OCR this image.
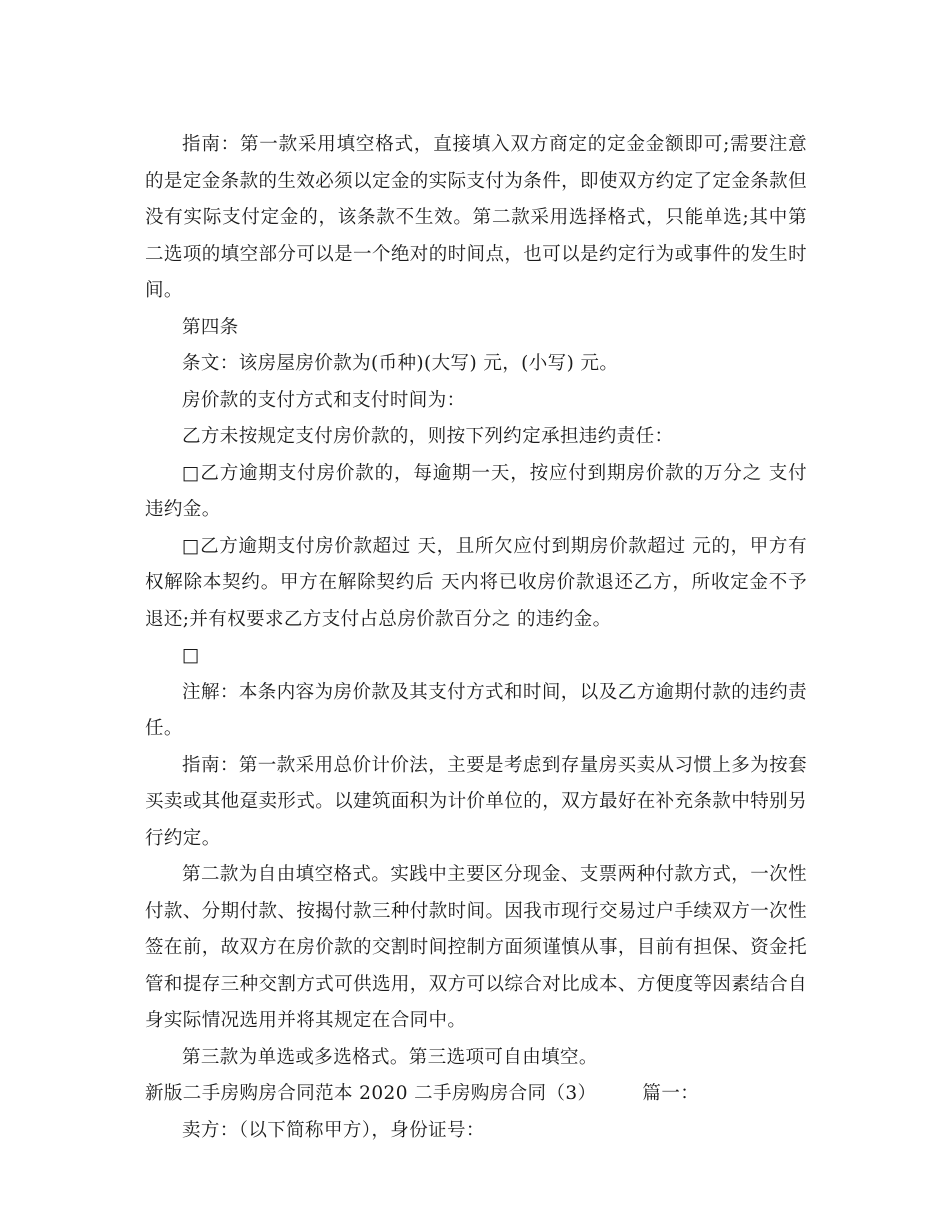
指南：第一款采用填空格式，直接填入双方商定的定金金额即可;需要注意的是定金条款的生效必须以定金的实际支付为条件，即使双方约定了定金条款但没有实际支付定金的，该条款不生效。第二款采用选择格式，只能单选;其中第二选项的填空部分可以是一个绝对的时间点，也可以是约定行为或事件的发生时间。

第四条

条文：该房屋房价款为(币种)(大写) 元，(小写) 元。

房价款的支付方式和支付时间为：

乙方未按规定支付房价款的，则按下列约定承担违约责任：

□乙方逾期支付房价款的，每逾期一天，按应付到期房价款的万分之 支付违约金。

□乙方逾期支付房价款超过 天，且所欠应付到期房价款超过 元的，甲方有权解除本契约。甲方在解除契约后 天内将已收房价款退还乙方，所收定金不予退还;并有权要求乙方支付占总房价款百分之 的违约金。

□

注解：本条内容为房价款及其支付方式和时间，以及乙方逾期付款的违约责任。

指南：第一款采用总价计价法，主要是考虑到存量房买卖从习惯上多为按套买卖或其他趸卖形式。以建筑面积为计价单位的，双方最好在补充条款中特别另行约定。

第二款为自由填空格式。实践中主要区分现金、支票两种付款方式，一次性付款、分期付款、按揭付款三种付款时间。因我市现行交易过户手续双方一次性签在前，故双方在房价款的交割时间控制方面须谨慎从事，目前有担保、资金托管和提存三种交割方式可供选用，双方可以综合对比成本、方便度等因素结合自身实际情况选用并将其规定在合同中。

第三款为单选或多选格式。第三选项可自由填空。

新版二手房购房合同范本 2020 二手房购房合同（3） 篇一：

卖方：（以下简称甲方），身份证号：
